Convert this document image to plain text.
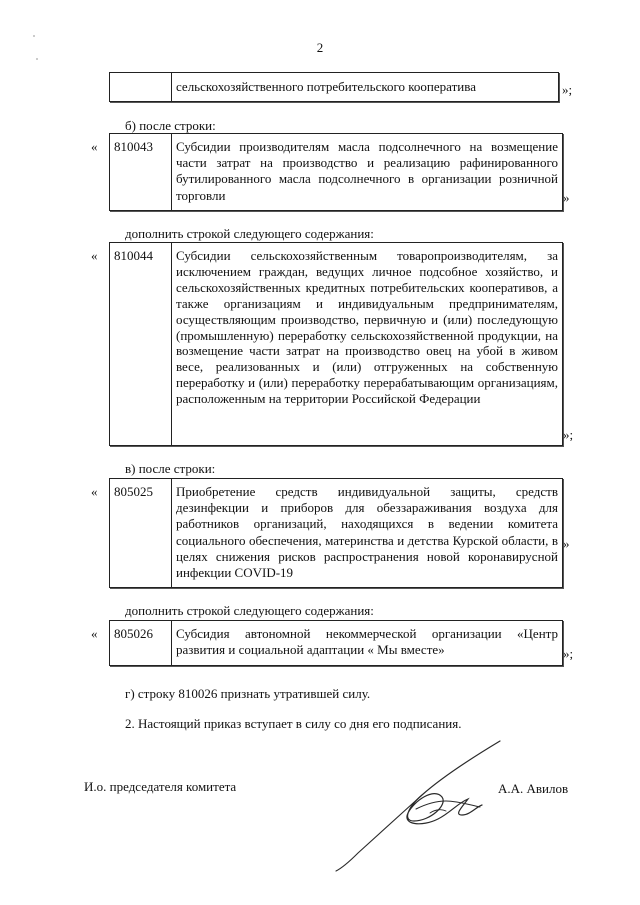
2
сельскохозяйственного потребительского кооператива	»;
б) после строки:
«	810043	Субсидии производителям масла подсолнечного на возмещение части затрат на производство и реализацию рафинированного бутилированного масла подсолнечного в организации розничной торговли	»
дополнить строкой следующего содержания:
«	810044	Субсидии сельскохозяйственным товаропроизводителям, за исключением граждан, ведущих личное подсобное хозяйство, и сельскохозяйственных кредитных потребительских кооперативов, а также организациям и индивидуальным предпринимателям, осуществляющим производство, первичную и (или) последующую (промышленную) переработку сельскохозяйственной продукции, на возмещение части затрат на производство овец на убой в живом весе, реализованных и (или) отгруженных на собственную переработку и (или) переработку перерабатывающим организациям, расположенным на территории Российской Федерации
»;
в) после строки:
«	805025	Приобретение средств индивидуальной защиты, средств дезинфекции и приборов для обеззараживания воздуха для работников организаций, находящихся в ведении комитета социального обеспечения, материнства и детства Курской области, в целях снижения рисков распространения новой коронавирусной инфекции COVID-19
»
дополнить строкой следующего содержания:
«	805026	Субсидия автономной некоммерческой организации «Центр развития и социальной адаптации « Мы вместе»	»;
г) строку 810026 признать утратившей силу.
2. Настоящий приказ вступает в силу со дня его подписания.
И.о. председателя комитета	А.А. Авилов
